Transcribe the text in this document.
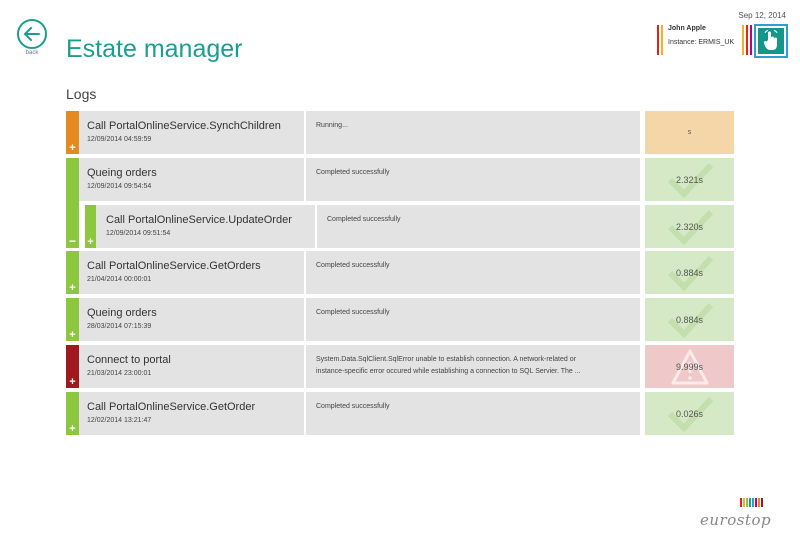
back	Estate manager
Sep 12, 2014
John Apple
Instance: ERMIS_UK
Logs
+
Call PortalOnlineService.SynchChildren
12/09/2014 04:59:59
Running...
s
Queing orders
12/09/2014 09:54:54
Completed successfully
−
2.321s
+
Call PortalOnlineService.UpdateOrder
12/09/2014 09:51:54
Completed successfully
2.320s
+
Call PortalOnlineService.GetOrders
21/04/2014 00:00:01
Completed successfully
0.884s
+
Queing orders
28/03/2014 07:15:39
Completed successfully
0.884s
+
Connect to portal
21/03/2014 23:00:01
System.Data.SqlClient.SqlError unable to establish connection. A network-related or
instance-specific error occured while establishing a connection to SQL Servier. The ...	9.999s
+
Call PortalOnlineService.GetOrder
12/02/2014 13:21:47
Completed successfully
0.026s
eurostop
